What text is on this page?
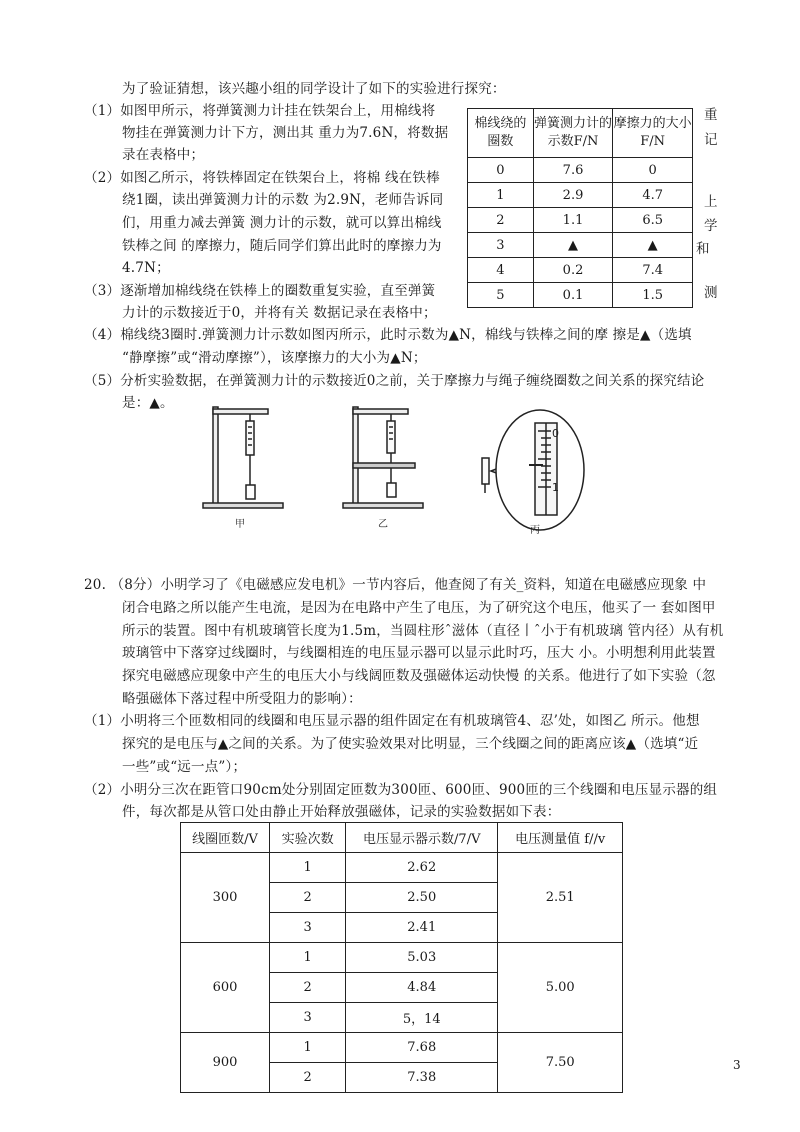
为了验证猜想，该兴趣小组的同学设计了如下的实验进行探究：
（1）如图甲所示，将弹簧测力计挂在铁架台上，用棉线将
物挂在弹簧测力计下方，测出其 重力为7.6N，将数据
录在表格中；
（2）如图乙所示，将铁棒固定在铁架台上，将棉 线在铁棒
绕1圈，读出弹簧测力计的示数 为2.9N，老师告诉同
们，用重力减去弹簧 测力计的示数，就可以算出棉线
铁棒之间 的摩擦力，随后同学们算出此时的摩擦力为
4.7N；
（3）逐渐增加棉线绕在铁棒上的圈数重复实验，直至弹簧
力计的示数接近于0，并将有关 数据记录在表格中；
（4）棉线绕3圈时.弹簧测力计示数如图丙所示，此时示数为▲N，棉线与铁棒之间的摩 擦是▲（选填
“静摩擦”或“滑动摩擦”），该摩擦力的大小为▲N；
（5）分析实验数据，在弹簧测力计的示数接近0之前，关于摩擦力与绳子缠绕圈数之间关系的探究结论
是：▲。
棉线绕的圈数	弹簧测力计的示数F/N	摩擦力的大小F/N
0	7.6	0
1	2.9	4.7
2	1.1	6.5
3	▲	▲
4	0.2	7.4
5	0.1	1.5
重
记
上
学
测
和
0
1
甲	乙
丙
20. （8分）小明学习了《电磁感应发电机》一节内容后，他查阅了有关_资料，知道在电磁感应现象 中
闭合电路之所以能产生电流，是因为在电路中产生了电压，为了研究这个电压，他买了一 套如图甲
所示的装置。图中有机玻璃管长度为1.5m，当圆柱形ˆ滋体（直径丨ˆ小于有机玻璃 管内径）从有机
玻璃管中下落穿过线圈时，与线圈相连的电压显示器可以显示此时巧，压大 小。小明想利用此装置
探究电磁感应现象中产生的电压大小与线阔匝数及强磁体运动快慢 的关系。他进行了如下实验（忽
略强磁体下落过程中所受阻力的影响）：
（1）小明将三个匝数相同的线圈和电压显示器的组件固定在有机玻璃管4、忍’处，如图乙 所示。他想
探究的是电压与▲之间的关系。为了使实验效果对比明显，三个线圈之间的距离应该▲（选填“近
一些”或“远一点”）；
（2）小明分三次在距管口90cm处分别固定匝数为300匝、600匝、900匝的三个线圈和电压显示器的组
件，每次都是从管口处由静止开始释放强磁体，记录的实验数据如下表：
线圈匝数/V	实验次数	电压显示器示数/7/V	电压测量值 f//v
300	1	2.62	2.51
	2	2.50	
	3	2.41	
600	1	5.03	5.00
	2	4.84	
	3	5，14	
900	1	7.68	7.50
	2	7.38	
3
